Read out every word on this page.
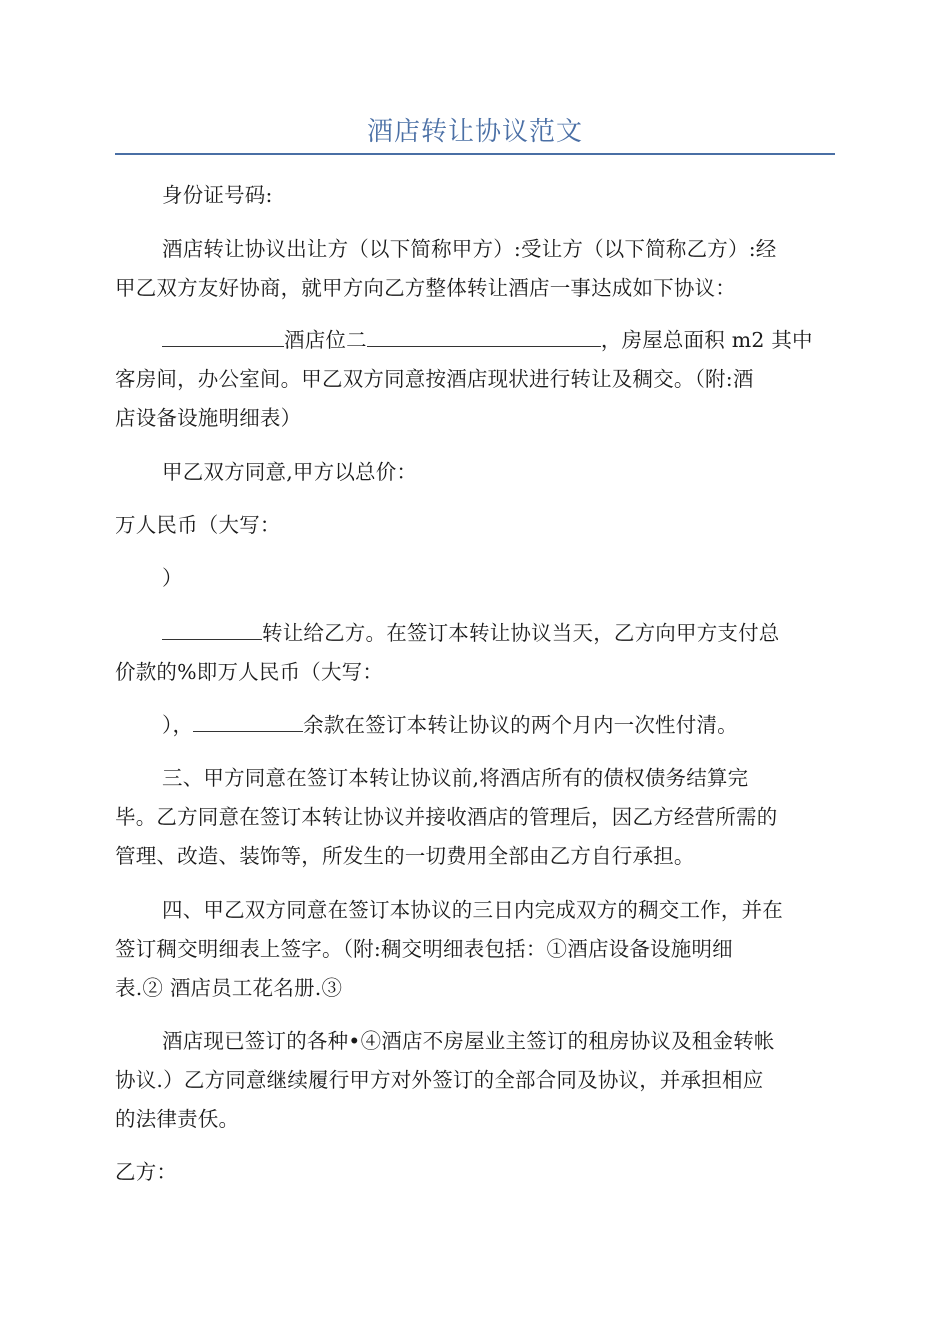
酒店转让协议范文
身份证号码:
酒店转让协议出让方（以下简称甲方）:受让方（以下简称乙方）:经
甲乙双方友好协商，就甲方向乙方整体转让酒店一事达成如下协议：
酒店位二	，房屋总面积 m2 其中
客房间，办公室间。甲乙双方同意按酒店现状进行转让及稠交。（附:酒
店设备设施明细表）
甲乙双方同意,甲方以总价：
万人民币（大写：
）
转让给乙方。在签订本转让协议当天，乙方向甲方支付总
价款的%即万人民币（大写：
），	余款在签订本转让协议的两个月内一次性付清。
三、甲方同意在签订本转让协议前,将酒店所有的债权债务结算完
毕。乙方同意在签订本转让协议并接收酒店的管理后，因乙方经营所需的
管理、改造、装饰等，所发生的一切费用全部由乙方自行承担。
四、甲乙双方同意在签订本协议的三日内完成双方的稠交工作，并在
签订稠交明细表上签字。（附:稠交明细表包括：①酒店设备设施明细
表.② 酒店员工花名册.③
酒店现已签订的各种•④酒店不房屋业主签订的租房协议及租金转帐
协议.）乙方同意继续履行甲方对外签订的全部合同及协议，并承担相应
的法律责仸。
乙方：
